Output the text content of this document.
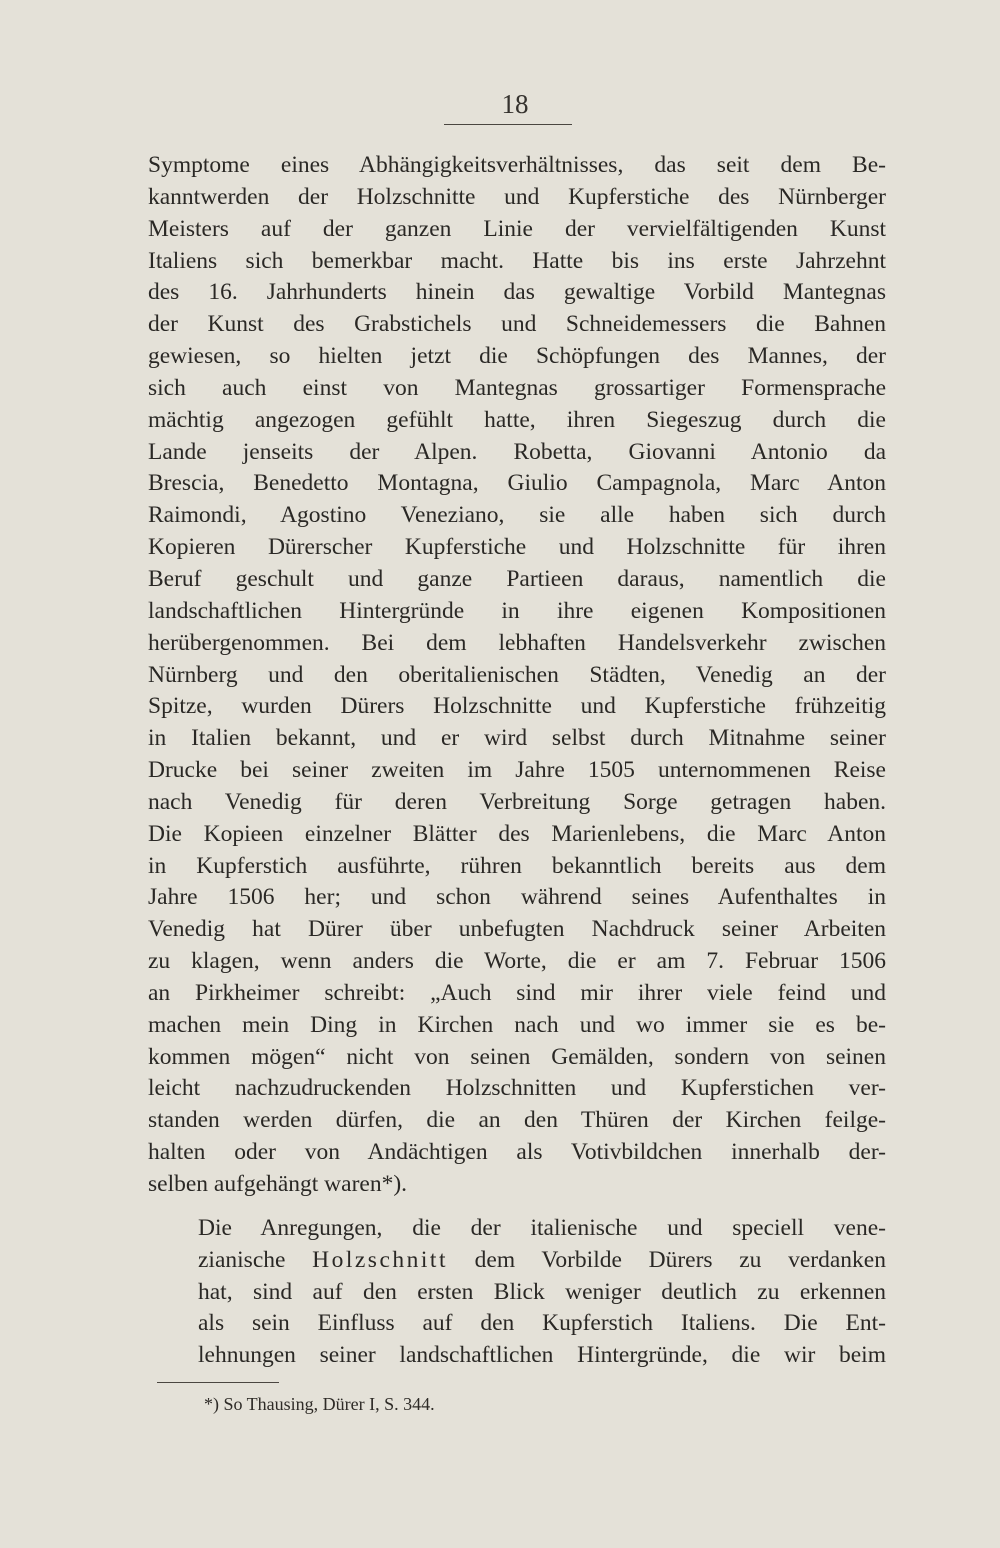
18

Symptome eines Abhängigkeitsverhältnisses, das seit dem Be-
kanntwerden der Holzschnitte und Kupferstiche des Nürnberger
Meisters auf der ganzen Linie der vervielfältigenden Kunst
Italiens sich bemerkbar macht. Hatte bis ins erste Jahrzehnt
des 16. Jahrhunderts hinein das gewaltige Vorbild Mantegnas
der Kunst des Grabstichels und Schneidemessers die Bahnen
gewiesen, so hielten jetzt die Schöpfungen des Mannes, der
sich auch einst von Mantegnas grossartiger Formensprache
mächtig angezogen gefühlt hatte, ihren Siegeszug durch die
Lande jenseits der Alpen. Robetta, Giovanni Antonio da
Brescia, Benedetto Montagna, Giulio Campagnola, Marc Anton
Raimondi, Agostino Veneziano, sie alle haben sich durch
Kopieren Dürerscher Kupferstiche und Holzschnitte für ihren
Beruf geschult und ganze Partieen daraus, namentlich die
landschaftlichen Hintergründe in ihre eigenen Kompositionen
herübergenommen. Bei dem lebhaften Handelsverkehr zwischen
Nürnberg und den oberitalienischen Städten, Venedig an der
Spitze, wurden Dürers Holzschnitte und Kupferstiche frühzeitig
in Italien bekannt, und er wird selbst durch Mitnahme seiner
Drucke bei seiner zweiten im Jahre 1505 unternommenen Reise
nach Venedig für deren Verbreitung Sorge getragen haben.
Die Kopieen einzelner Blätter des Marienlebens, die Marc Anton
in Kupferstich ausführte, rühren bekanntlich bereits aus dem
Jahre 1506 her; und schon während seines Aufenthaltes in
Venedig hat Dürer über unbefugten Nachdruck seiner Arbeiten
zu klagen, wenn anders die Worte, die er am 7. Februar 1506
an Pirkheimer schreibt: „Auch sind mir ihrer viele feind und
machen mein Ding in Kirchen nach und wo immer sie es be-
kommen mögen“ nicht von seinen Gemälden, sondern von seinen
leicht nachzudruckenden Holzschnitten und Kupferstichen ver-
standen werden dürfen, die an den Thüren der Kirchen feilge-
halten oder von Andächtigen als Votivbildchen innerhalb der-
selben aufgehängt waren*).

Die Anregungen, die der italienische und speciell vene-
zianische Holzschnitt dem Vorbilde Dürers zu verdanken
hat, sind auf den ersten Blick weniger deutlich zu erkennen
als sein Einfluss auf den Kupferstich Italiens. Die Ent-
lehnungen seiner landschaftlichen Hintergründe, die wir beim

*) So Thausing, Dürer I, S. 344.
